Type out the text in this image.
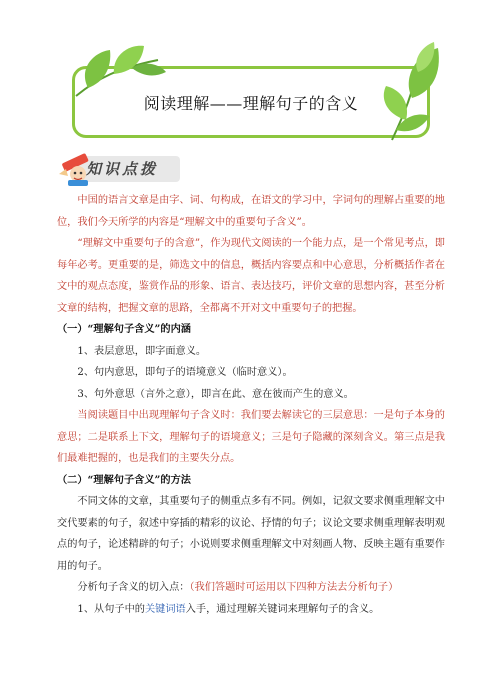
阅读理解——理解句子的含义
知识点拨

中国的语言文章是由字、词、句构成，在语文的学习中，字词句的理解占重要的地位，我们今天所学的内容是“理解文中的重要句子含义”。

“理解文中重要句子的含意”，作为现代文阅读的一个能力点，是一个常见考点，即每年必考。更重要的是，筛选文中的信息，概括内容要点和中心意思，分析概括作者在文中的观点态度，鉴赏作品的形象、语言、表达技巧，评价文章的思想内容，甚至分析文章的结构，把握文章的思路，全都离不开对文中重要句子的把握。

（一）“理解句子含义”的内涵

1、表层意思，即字面意义。

2、句内意思，即句子的语境意义（临时意义）。

3、句外意思（言外之意），即言在此、意在彼而产生的意义。

当阅读题目中出现理解句子含义时：我们要去解读它的三层意思：一是句子本身的意思；二是联系上下文，理解句子的语境意义；三是句子隐藏的深刻含义。第三点是我们最难把握的，也是我们的主要失分点。

（二）“理解句子含义”的方法

不同文体的文章，其重要句子的侧重点多有不同。例如，记叙文要求侧重理解文中交代要素的句子，叙述中穿插的精彩的议论、抒情的句子；议论文要求侧重理解表明观点的句子，论述精辟的句子；小说则要求侧重理解文中对刻画人物、反映主题有重要作用的句子。

分析句子含义的切入点：（我们答题时可运用以下四种方法去分析句子）

1、从句子中的关键词语入手，通过理解关键词来理解句子的含义。
